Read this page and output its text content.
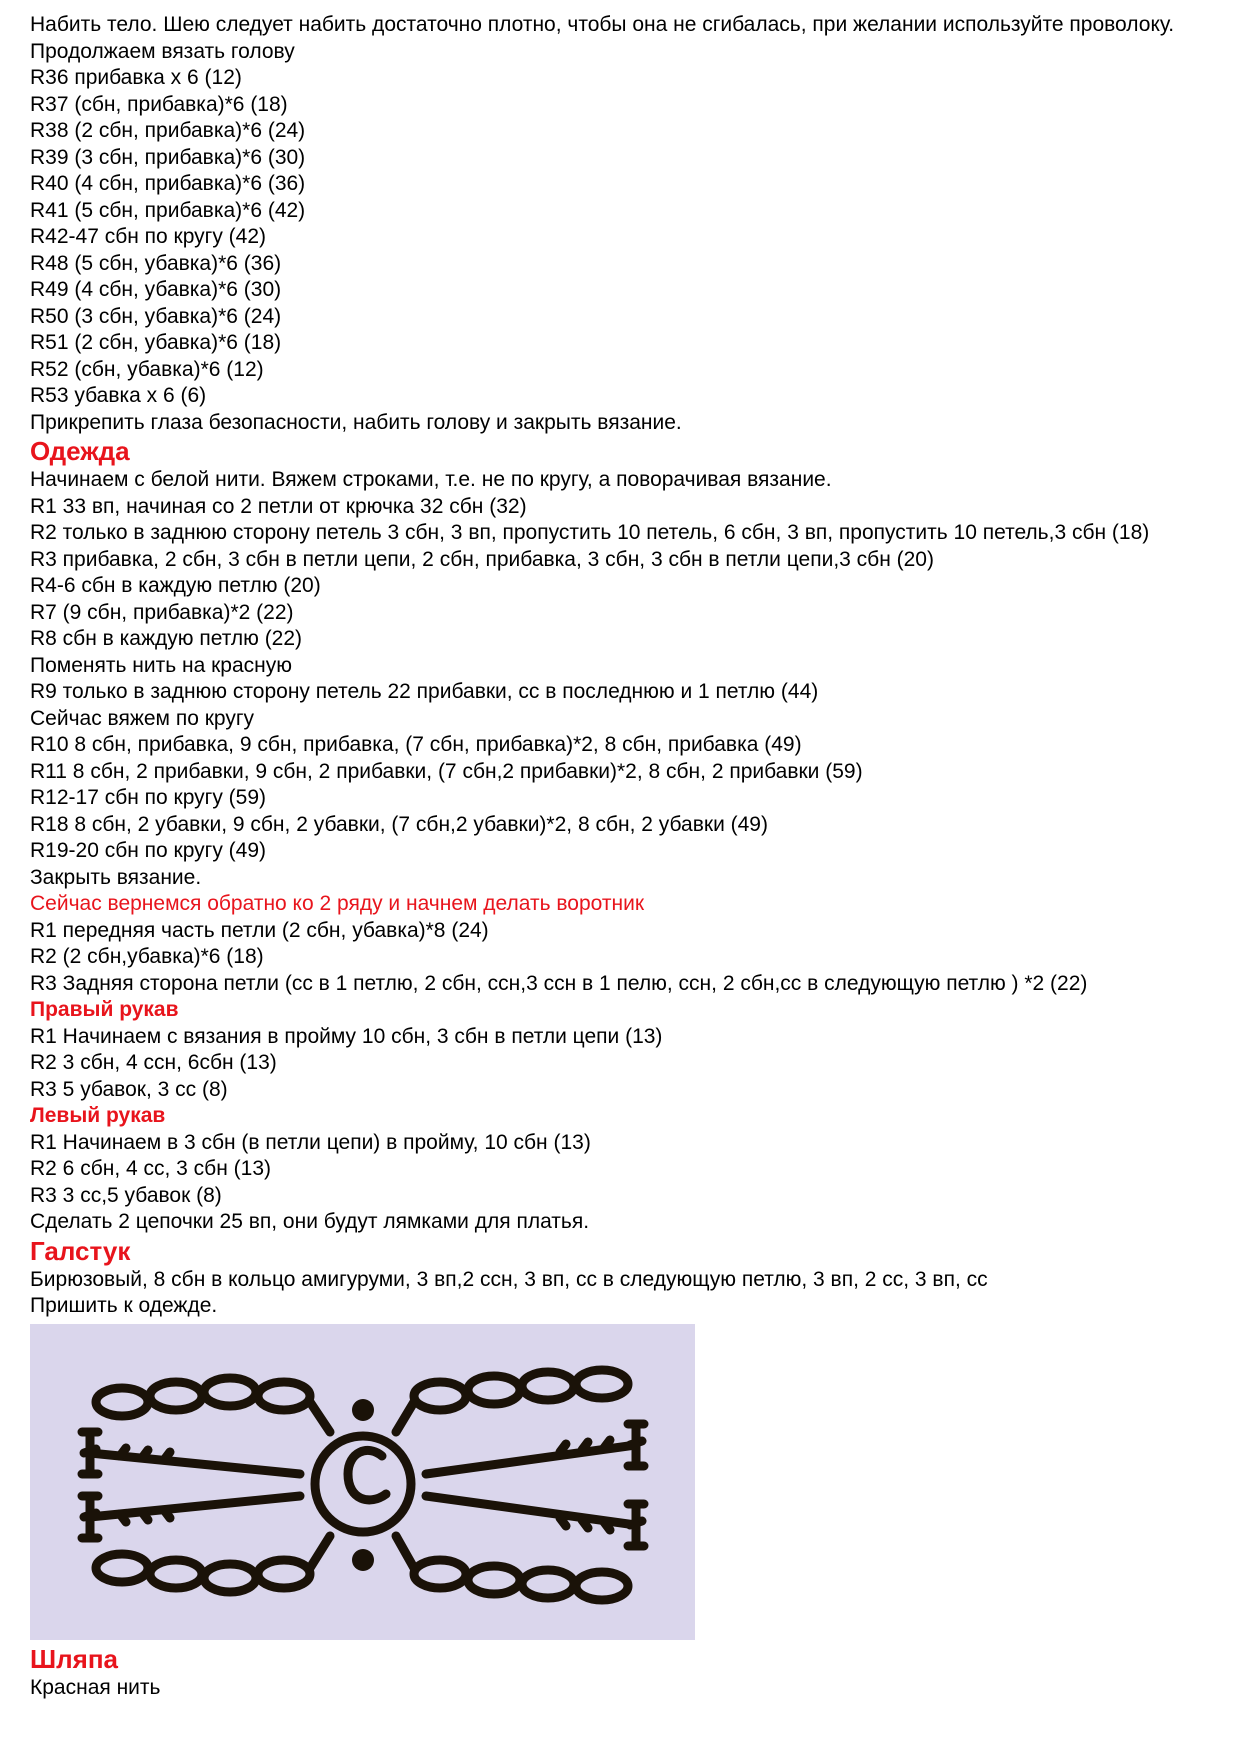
Набить тело. Шею следует набить достаточно плотно, чтобы она не сгибалась, при желании используйте проволоку. Продолжаем вязать голову
R36 прибавка х 6 (12)
R37 (сбн, прибавка)*6 (18)
R38 (2 сбн, прибавка)*6 (24)
R39 (3 сбн, прибавка)*6 (30)
R40 (4 сбн, прибавка)*6 (36)
R41 (5 сбн, прибавка)*6 (42)
R42-47 сбн по кругу (42)
R48 (5 сбн, убавка)*6 (36)
R49 (4 сбн, убавка)*6 (30)
R50 (3 сбн, убавка)*6 (24)
R51 (2 сбн, убавка)*6 (18)
R52 (сбн, убавка)*6 (12)
R53 убавка х 6 (6)
Прикрепить глаза безопасности, набить голову и закрыть вязание.
Одежда
Начинаем с белой нити. Вяжем строками, т.е. не по кругу, а поворачивая вязание.
R1 33 вп, начиная со 2 петли от крючка 32 сбн (32)
R2 только в заднюю сторону петель 3 сбн, 3 вп, пропустить 10 петель, 6 сбн, 3 вп, пропустить 10 петель,3 сбн (18)
R3 прибавка, 2 сбн, 3 сбн в петли цепи, 2 сбн, прибавка, 3 сбн, 3 сбн в петли цепи,3 сбн (20)
R4-6 сбн в каждую петлю (20)
R7 (9 сбн, прибавка)*2 (22)
R8 сбн в каждую петлю (22)
Поменять нить на красную
R9 только в заднюю сторону петель 22 прибавки, сс в последнюю и 1 петлю (44)
Сейчас вяжем по кругу
R10 8 сбн, прибавка, 9 сбн, прибавка, (7 сбн, прибавка)*2, 8 сбн, прибавка (49)
R11 8 сбн, 2 прибавки, 9 сбн, 2 прибавки, (7 сбн,2 прибавки)*2, 8 сбн, 2 прибавки (59)
R12-17 сбн по кругу (59)
R18 8 сбн, 2 убавки, 9 сбн, 2 убавки, (7 сбн,2 убавки)*2, 8 сбн, 2 убавки (49)
R19-20 сбн по кругу (49)
Закрыть вязание.
Сейчас вернемся обратно ко 2 ряду и начнем делать воротник
R1 передняя часть петли (2 сбн, убавка)*8 (24)
R2 (2 сбн,убавка)*6 (18)
R3 Задняя сторона петли (сс в 1 петлю, 2 сбн, ссн,3 ссн в 1 пелю, ссн, 2 сбн,сс в следующую петлю ) *2 (22)
Правый рукав
R1 Начинаем с вязания в пройму 10 сбн, 3 сбн в петли цепи (13)
R2 3 сбн, 4 ссн, 6сбн (13)
R3 5 убавок, 3 сс (8)
Левый рукав
R1 Начинаем в 3 сбн (в петли цепи) в пройму, 10 сбн (13)
R2 6 сбн, 4 сс, 3 сбн (13)
R3 3 сс,5 убавок (8)
Сделать 2 цепочки 25 вп, они будут лямками для платья.
Галстук
Бирюзовый, 8 сбн в кольцо амигуруми, 3 вп,2 ссн, 3 вп, сс в следующую петлю, 3 вп, 2 сс, 3 вп, сс
Пришить к одежде.
Шляпа
Красная нить
